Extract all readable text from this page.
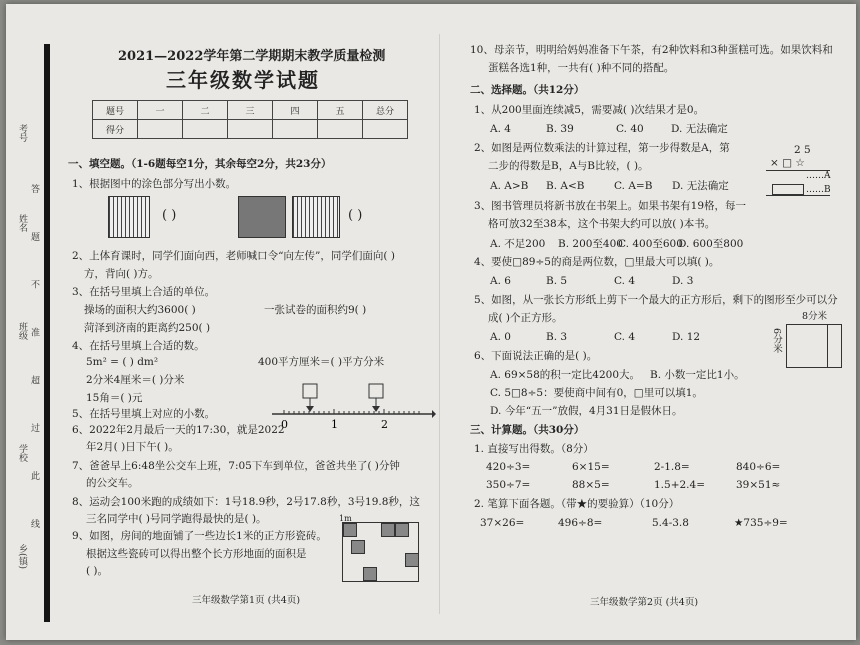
考号
姓名
班级
学校
乡(镇)
答 题 不 准 超 过 此 线
2021—2022学年第二学期期末教学质量检测
三年级数学试题
题号	一	二	三	四	五	总分
得分						
一、填空题。（1-6题每空1分，其余每空2分，共23分）
1、根据图中的涂色部分写出小数。
( )	( )
2、上体育课时，同学们面向西，老师喊口令“向左传”，同学们面向( )
方，背向( )方。
3、在括号里填上合适的单位。
操场的面积大约3600( )	一张试卷的面积约9( )
菏泽到济南的距离约250( )
4、在括号里填上合适的数。
5m² = ( ) dm²	400平方厘米＝( )平方分米
2分米4厘米＝( )分米
15角＝( )元
5、在括号里填上对应的小数。
0	1	2
6、2022年2月最后一天的17:30，就是2022
年2月( )日下午( )。
7、爸爸早上6:48坐公交车上班，7:05下车到单位，爸爸共坐了( )分钟
的公交车。
8、运动会100米跑的成绩如下：1号18.9秒，2号17.8秒，3号19.8秒，这
三名同学中( )号同学跑得最快的是( )。
9、如图，房间的地面铺了一些边长1米的正方形瓷砖。
根据这些瓷砖可以得出整个长方形地面的面积是
( )。
1m
三年级数学第1页 (共4页)
10、母亲节，明明给妈妈准备下午茶，有2种饮料和3种蛋糕可选。如果饮料和
蛋糕各选1种，一共有( )种不同的搭配。
二、选择题。（共12分）
1、从200里面连续减5，需要减( )次结果才是0。
A. 4	B. 39	C. 40	D. 无法确定
2、如图是两位数乘法的计算过程，第一步得数是A，第
二步的得数是B，A与B比较，( )。
A. A>B B. A<B	C. A=B D. 无法确定
2 5
× □ ☆
……A
……B
3、图书管理员将新书放在书架上。如果书架有19格，每一
格可放32至38本，这个书架大约可以放( )本书。
A. 不足200 B. 200至400
C. 400至600
D. 600至800
4、要使□89÷5的商是两位数，□里最大可以填( )。
A. 6	B. 5	C. 4	D. 3
5、如图，从一张长方形纸上剪下一个最大的正方形后，剩下的图形至少可以分
成( )个正方形。
A. 0	B. 3	C. 4	D. 12
8分米
6分米
6、下面说法正确的是( )。
A. 69×58的积一定比4200大。 B. 小数一定比1小。
C. 5□8÷5：要使商中间有0，□里可以填1。
D. 今年“五一”放假，4月31日是假休日。
三、计算题。（共30分）
1. 直接写出得数。（8分）
420÷3=	6×15=	2-1.8=	840÷6=
350÷7=	88×5=	1.5+2.4=	39×51≈
2. 笔算下面各题。（带★的要验算）（10分）
37×26=	496÷8=	5.4-3.8	★735÷9=
三年级数学第2页 (共4页)
